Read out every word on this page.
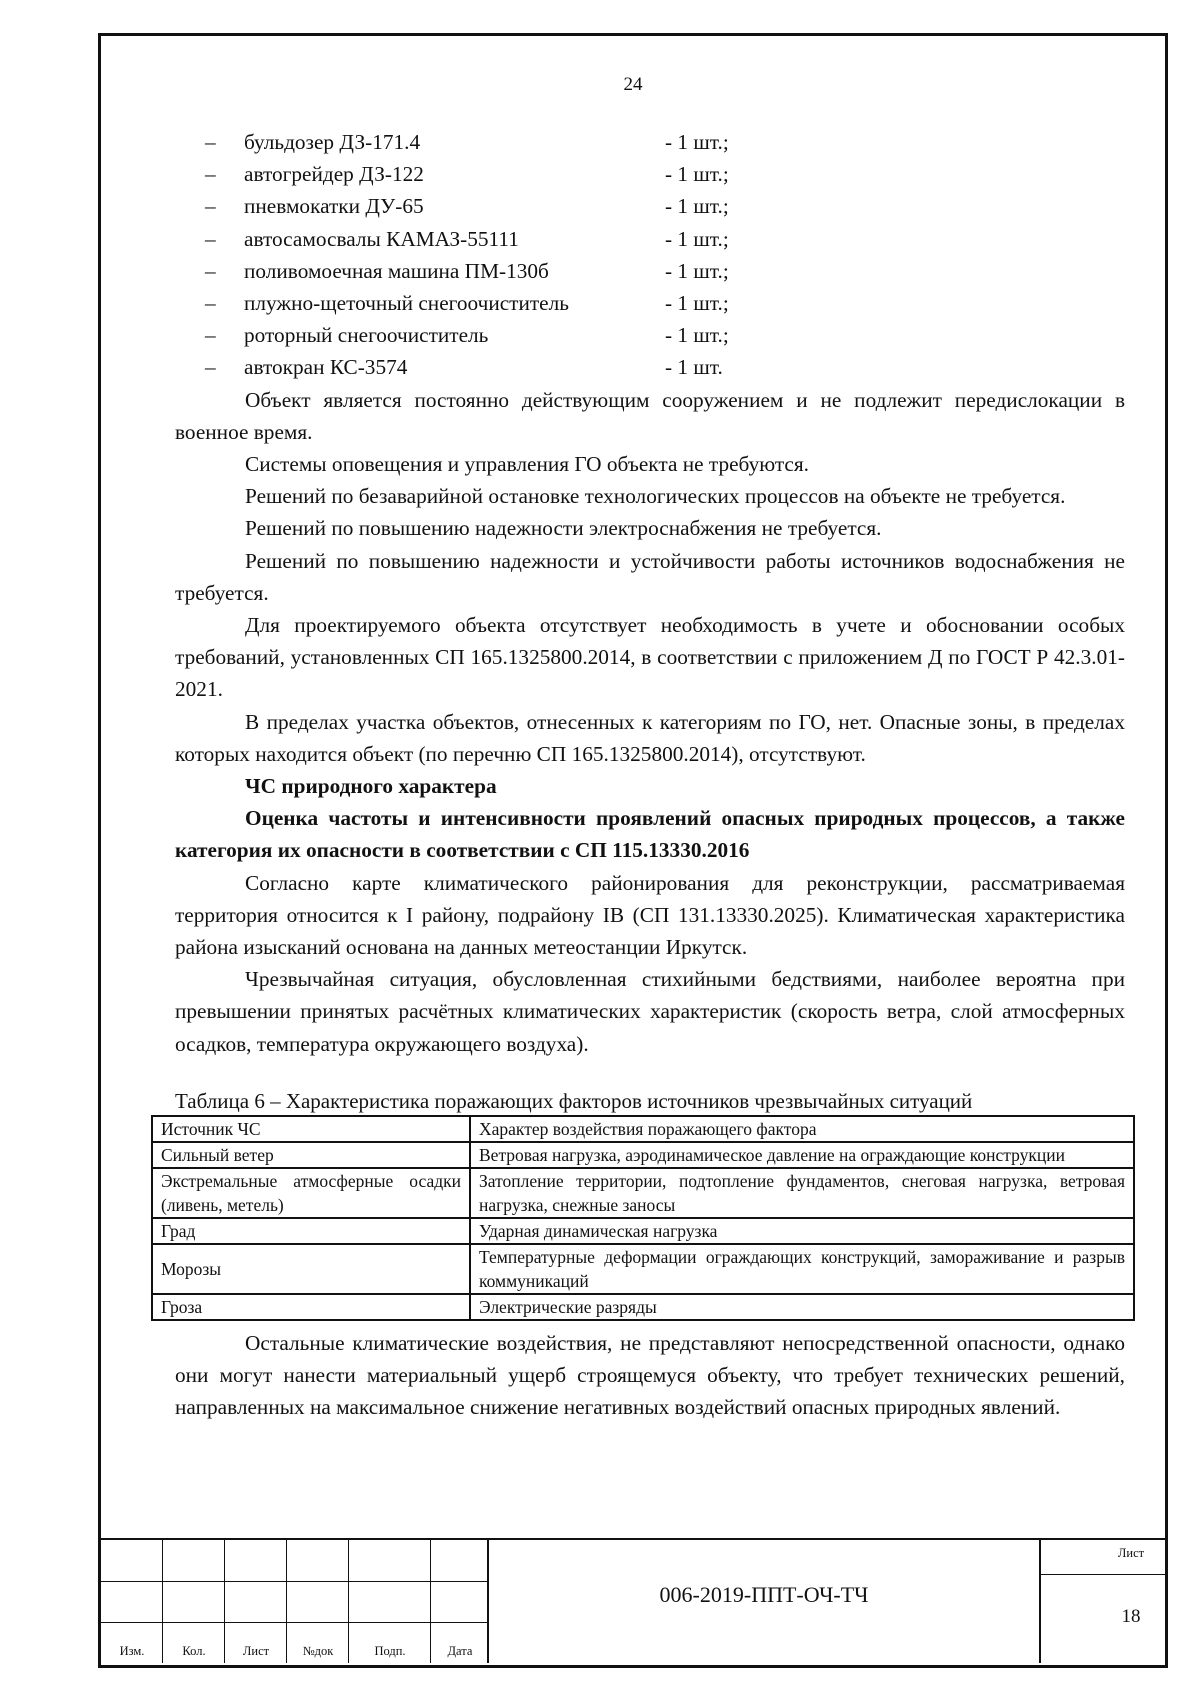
24
– бульдозер ДЗ-171.4	- 1 шт.;
– автогрейдер ДЗ-122	- 1 шт.;
– пневмокатки ДУ-65	- 1 шт.;
– автосамосвалы КАМАЗ-55111	- 1 шт.;
– поливомоечная машина ПМ-130б	- 1 шт.;
– плужно-щеточный снегоочиститель	- 1 шт.;
– роторный снегоочиститель	- 1 шт.;
– автокран КС-3574	- 1 шт.

Объект является постоянно действующим сооружением и не подлежит передислокации в военное время.

Системы оповещения и управления ГО объекта не требуются.

Решений по безаварийной остановке технологических процессов на объекте не требуется.

Решений по повышению надежности электроснабжения не требуется.

Решений по повышению надежности и устойчивости работы источников водоснабжения не требуется.

Для проектируемого объекта отсутствует необходимость в учете и обосновании особых требований, установленных СП 165.1325800.2014, в соответствии с приложением Д по ГОСТ Р 42.3.01-2021.

В пределах участка объектов, отнесенных к категориям по ГО, нет. Опасные зоны, в пределах которых находится объект (по перечню СП 165.1325800.2014), отсутствуют.

ЧС природного характера

Оценка частоты и интенсивности проявлений опасных природных процессов, а также категория их опасности в соответствии с СП 115.13330.2016

Согласно карте климатического районирования для реконструкции, рассматриваемая территория относится к I району, подрайону IВ (СП 131.13330.2025). Климатическая характеристика района изысканий основана на данных метеостанции Иркутск.

Чрезвычайная ситуация, обусловленная стихийными бедствиями, наиболее вероятна при превышении принятых расчётных климатических характеристик (скорость ветра, слой атмосферных осадков, температура окружающего воздуха).

Таблица 6 – Характеристика поражающих факторов источников чрезвычайных ситуаций

Источник ЧС	Характер воздействия поражающего фактора
Сильный ветер	Ветровая нагрузка, аэродинамическое давление на ограждающие конструкции
Экстремальные атмосферные осадки (ливень, метель)	Затопление территории, подтопление фундаментов, снеговая нагрузка, ветровая нагрузка, снежные заносы
Град	Ударная динамическая нагрузка
Морозы	Температурные деформации ограждающих конструкций, замораживание и разрыв коммуникаций
Гроза	Электрические разряды

Остальные климатические воздействия, не представляют непосредственной опасности, однако они могут нанести материальный ущерб строящемуся объекту, что требует технических решений, направленных на максимальное снижение негативных воздействий опасных природных явлений.

Изм.	Кол.	Лист	№док	Подп.	Дата
006-2019-ППТ-ОЧ-ТЧ
Лист
18
